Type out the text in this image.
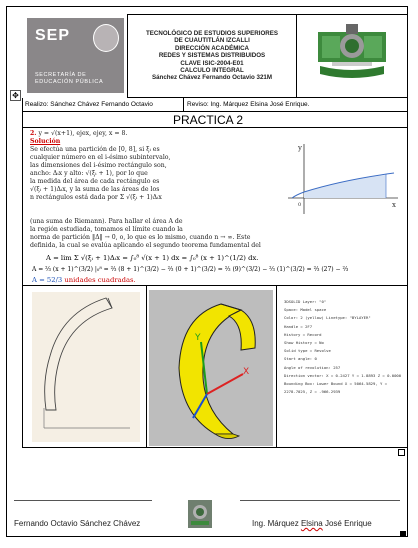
SEP
SECRETARÍA DE
EDUCACIÓN PÚBLICA
TECNOLÓGICO DE ESTUDIOS SUPERIORES
DE CUAUTITLÁN IZCALLI
DIRECCIÓN ACADÉMICA
REDES Y SISTEMAS DISTRIBUIDOS
CLAVE ISIC-2004-E01
CALCULO INTEGRAL
Sánchez Chávez Fernando Octavio 321M
✥
Realizo: Sánchez Chávez Fernando Octavio	Reviso: Ing. Márquez Elsina José Enrique.
PRACTICA 2
2. y = √(x+1), ejex, ejey, x = 8.
Solución
Se efectúa una partición de [0, 8], si ξᵢ es
cualquier número en el i-ésimo subintervalo,
las dimensiones del i-ésimo rectángulo son,
ancho: Δᵢx y alto: √(ξᵢ + 1), por lo que
la medida del área de cada rectángulo es
√(ξᵢ + 1)Δᵢx, y la suma de las áreas de los
n rectángulos está dada por Σ √(ξᵢ + 1)Δᵢx
y
x
0
(una suma de Riemann). Para hallar el área A de
la región estudiada, tomamos el límite cuando la
norma de partición ‖Δ‖ → 0, o, lo que es lo mismo, cuando n → ∞. Este
definida, la cual se evalúa aplicando el segundo teorema fundamental del
A = lim Σ √(ξᵢ + 1)Δᵢx = ∫₀⁸ √(x + 1) dx = ∫₀⁸ (x + 1)^(1/2) dx.
A = ⅔ (x + 1)^(3/2) |₀⁸ = ⅔ (8 + 1)^(3/2) − ⅔ (0 + 1)^(3/2) = ⅔ (9)^(3/2) − ⅔ (1)^(3/2) = ⅔ (27) − ⅔
A = 52/3 unidades cuadradas.
Y
X
3DSOLID Layer: "0"
Space: Model space
Color: 2 (yellow) Linetype: "BYLAYER"
Handle = 2F7
History = Record
Show History = No
Solid type = Revolve
Start angle: 0
Angle of revolution: 257
Direction vector: X = 0.2427 Y = 1.8893 Z = 0.0000
Bounding Box: Lower Bound X = 5064.5829, Y = 2278.7025, Z = -966.2939
Fernando Octavio Sánchez Chávez	Ing. Márquez Elsina José Enrique
